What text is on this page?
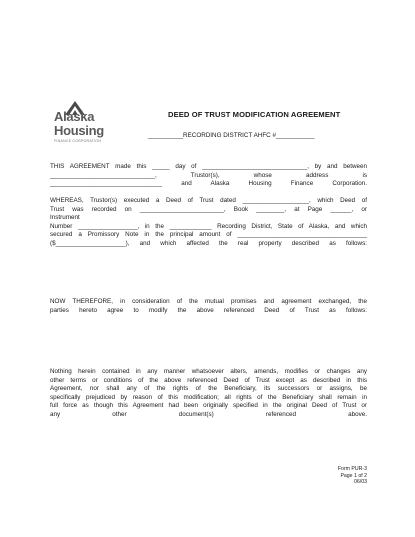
Alaska
Housing
FINANCE CORPORATION
DEED OF TRUST MODIFICATION AGREEMENT
__________RECORDING DISTRICT AHFC #___________
THIS AGREEMENT made this _____ day of ______________________________, by and between
______________________________, Trustor(s), whose address is
________________________________ and Alaska Housing Finance Corporation.
WHEREAS, Trustor(s) executed a Deed of Trust dated ___________________, which Deed of
Trust was recorded on ________________________, Book ________, at Page ______, or
Instrument
Number _________________, in the ____________ Recording District, State of Alaska, and which
secured a Promissory Note in the principal amount of _____________________________________
($____________________), and which affected the real property described as follows:
NOW THEREFORE, in consideration of the mutual promises and agreement exchanged, the
parties hereto agree to modify the above referenced Deed of Trust as follows:
Nothing herein contained in any manner whatsoever alters, amends, modifies or changes any
other terms or conditions of the above referenced Deed of Trust except as described in this
Agreement, nor shall any of the rights of the Beneficiary, its successors or assigns, be
specifically prejudiced by reason of this modification; all rights of the Beneficiary shall remain in
full force as though this Agreement had been originally specified in the original Deed of Trust or
any other document(s) referenced above.
Form PUR-3
Page 1 of 2
06/03
